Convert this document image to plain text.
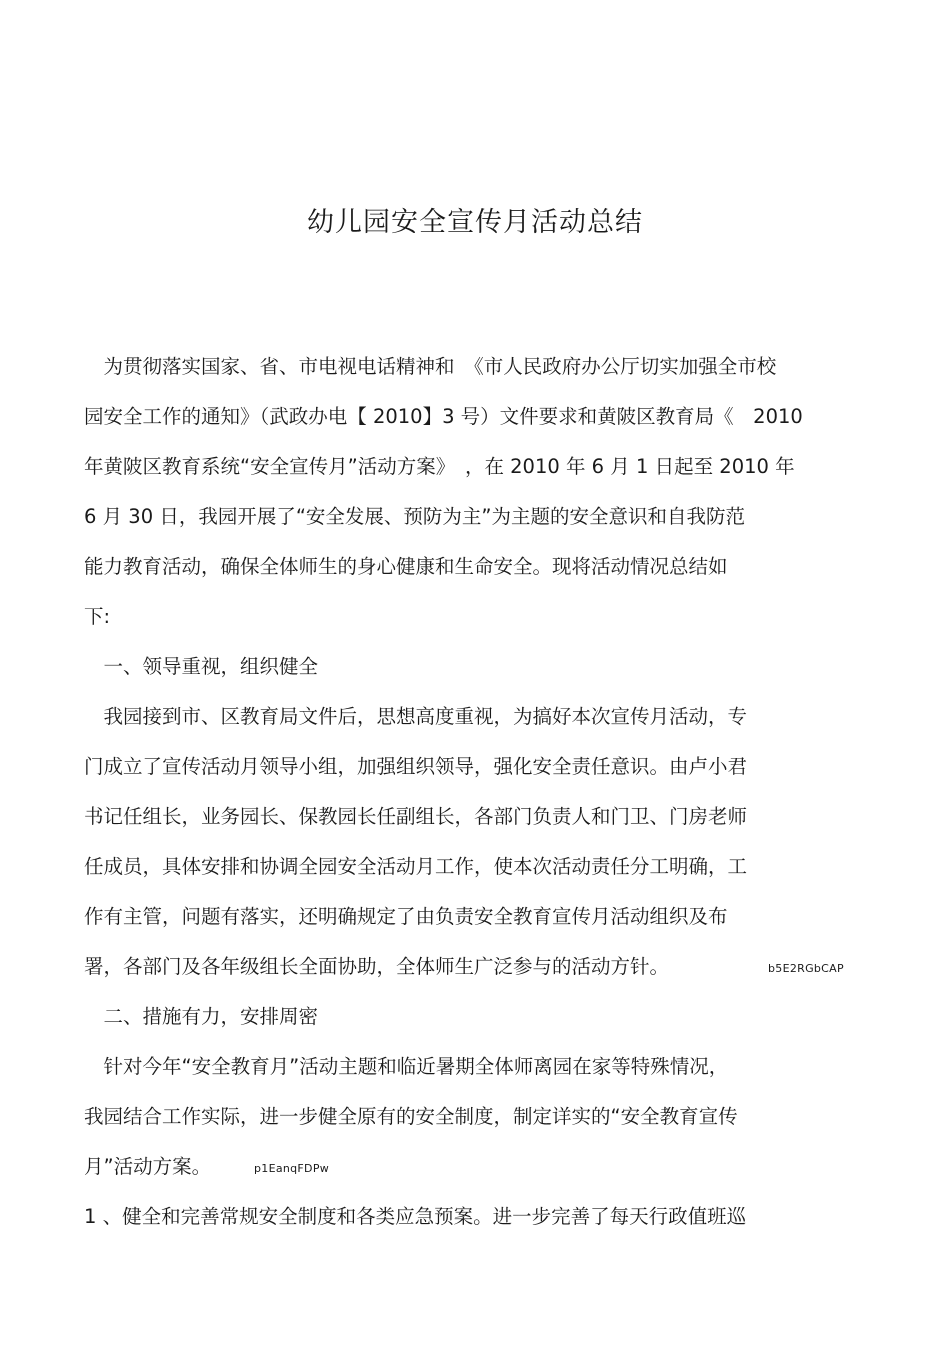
幼儿园安全宣传月活动总结
　为贯彻落实国家、省、市电视电话精神和　《市人民政府办公厅切实加强全市校
园安全工作的通知》（武政办电【 2010】3 号）文件要求和黄陂区教育局《　2010
年黄陂区教育系统“安全宣传月”活动方案》　，在 2010 年 6 月 1 日起至 2010 年
6 月 30 日，我园开展了“安全发展、预防为主”为主题的安全意识和自我防范
能力教育活动，确保全体师生的身心健康和生命安全。现将活动情况总结如
下:
　一、领导重视，组织健全
　我园接到市、区教育局文件后，思想高度重视，为搞好本次宣传月活动，专
门成立了宣传活动月领导小组，加强组织领导，强化安全责任意识。由卢小君
书记任组长，业务园长、保教园长任副组长，各部门负责人和门卫、门房老师
任成员，具体安排和协调全园安全活动月工作，使本次活动责任分工明确，工
作有主管，问题有落实，还明确规定了由负责安全教育宣传月活动组织及布
署，各部门及各年级组长全面协助，全体师生广泛参与的活动方针。	b5E2RGbCAP
　二、措施有力，安排周密
　针对今年“安全教育月”活动主题和临近暑期全体师离园在家等特殊情况，
我园结合工作实际，进一步健全原有的安全制度，制定详实的“安全教育宣传
月”活动方案。	p1EanqFDPw
1 、健全和完善常规安全制度和各类应急预案。进一步完善了每天行政值班巡
